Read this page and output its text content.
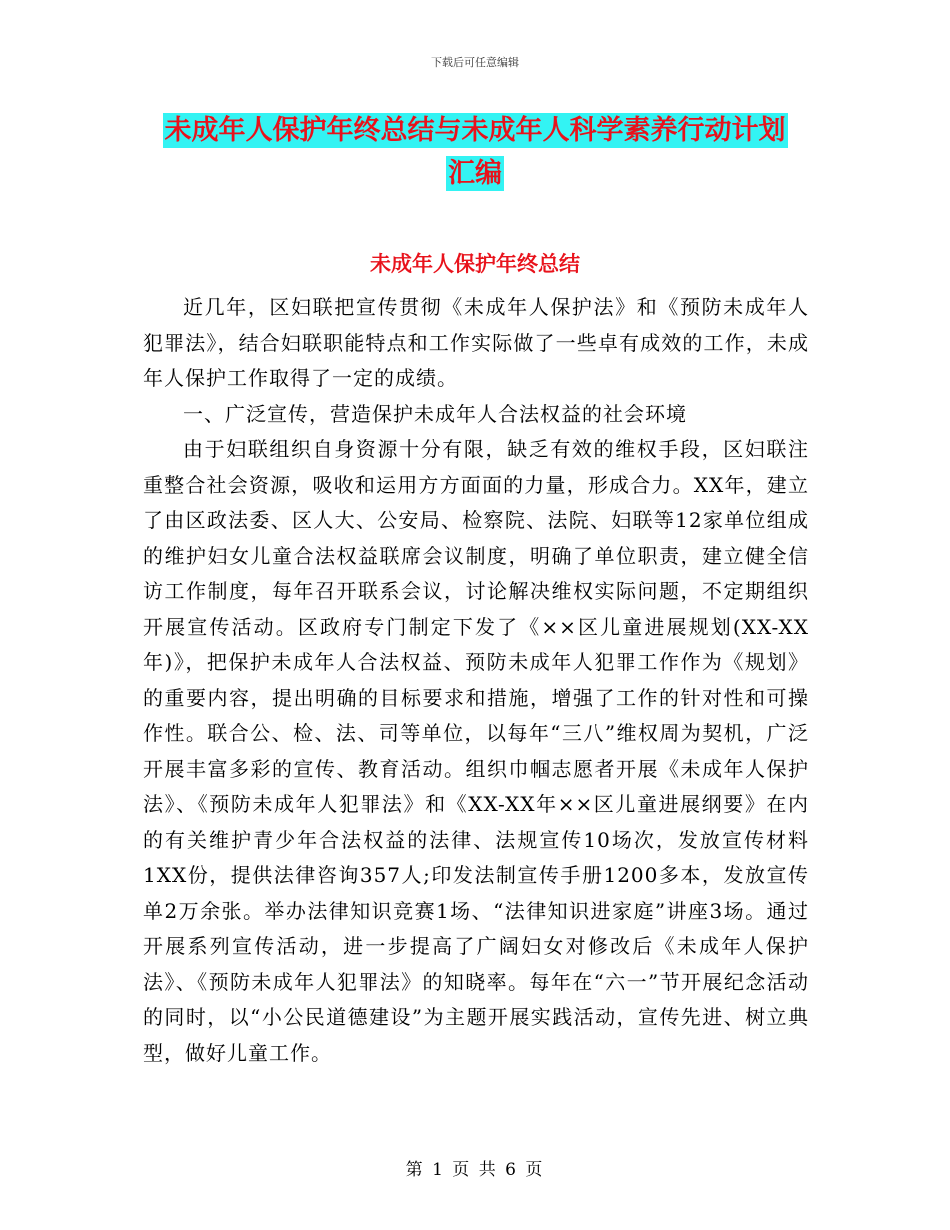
下载后可任意编辑
未成年人保护年终总结与未成年人科学素养行动计划
汇编
未成年人保护年终总结

近几年，区妇联把宣传贯彻《未成年人保护法》和《预防未成年人犯罪法》，结合妇联职能特点和工作实际做了一些卓有成效的工作，未成年人保护工作取得了一定的成绩。

一、广泛宣传，营造保护未成年人合法权益的社会环境

由于妇联组织自身资源十分有限，缺乏有效的维权手段，区妇联注重整合社会资源，吸收和运用方方面面的力量，形成合力。XX年，建立了由区政法委、区人大、公安局、检察院、法院、妇联等12家单位组成的维护妇女儿童合法权益联席会议制度，明确了单位职责，建立健全信访工作制度，每年召开联系会议，讨论解决维权实际问题，不定期组织开展宣传活动。区政府专门制定下发了《××区儿童进展规划(XX-XX年)》，把保护未成年人合法权益、预防未成年人犯罪工作作为《规划》的重要内容，提出明确的目标要求和措施，增强了工作的针对性和可操作性。联合公、检、法、司等单位，以每年“三八”维权周为契机，广泛开展丰富多彩的宣传、教育活动。组织巾帼志愿者开展《未成年人保护法》、《预防未成年人犯罪法》和《XX-XX年××区儿童进展纲要》在内的有关维护青少年合法权益的法律、法规宣传10场次，发放宣传材料1XX份，提供法律咨询357人;印发法制宣传手册1200多本，发放宣传单2万余张。举办法律知识竞赛1场、“法律知识进家庭”讲座3场。通过开展系列宣传活动，进一步提高了广阔妇女对修改后《未成年人保护法》、《预防未成年人犯罪法》的知晓率。每年在“六一”节开展纪念活动的同时，以“小公民道德建设”为主题开展实践活动，宣传先进、树立典型，做好儿童工作。

第 1 页 共 6 页
